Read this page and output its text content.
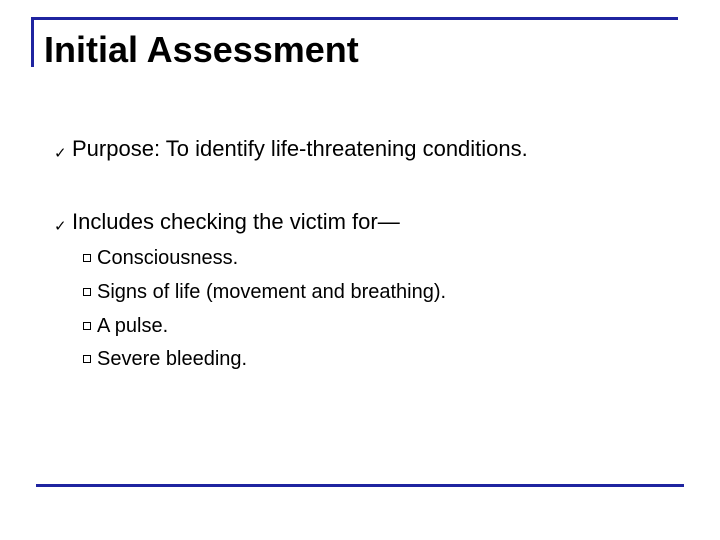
Initial Assessment
✓ Purpose: To identify life-threatening conditions.
✓ Includes checking the victim for—
Consciousness.
Signs of life (movement and breathing).
A pulse.
Severe bleeding.
